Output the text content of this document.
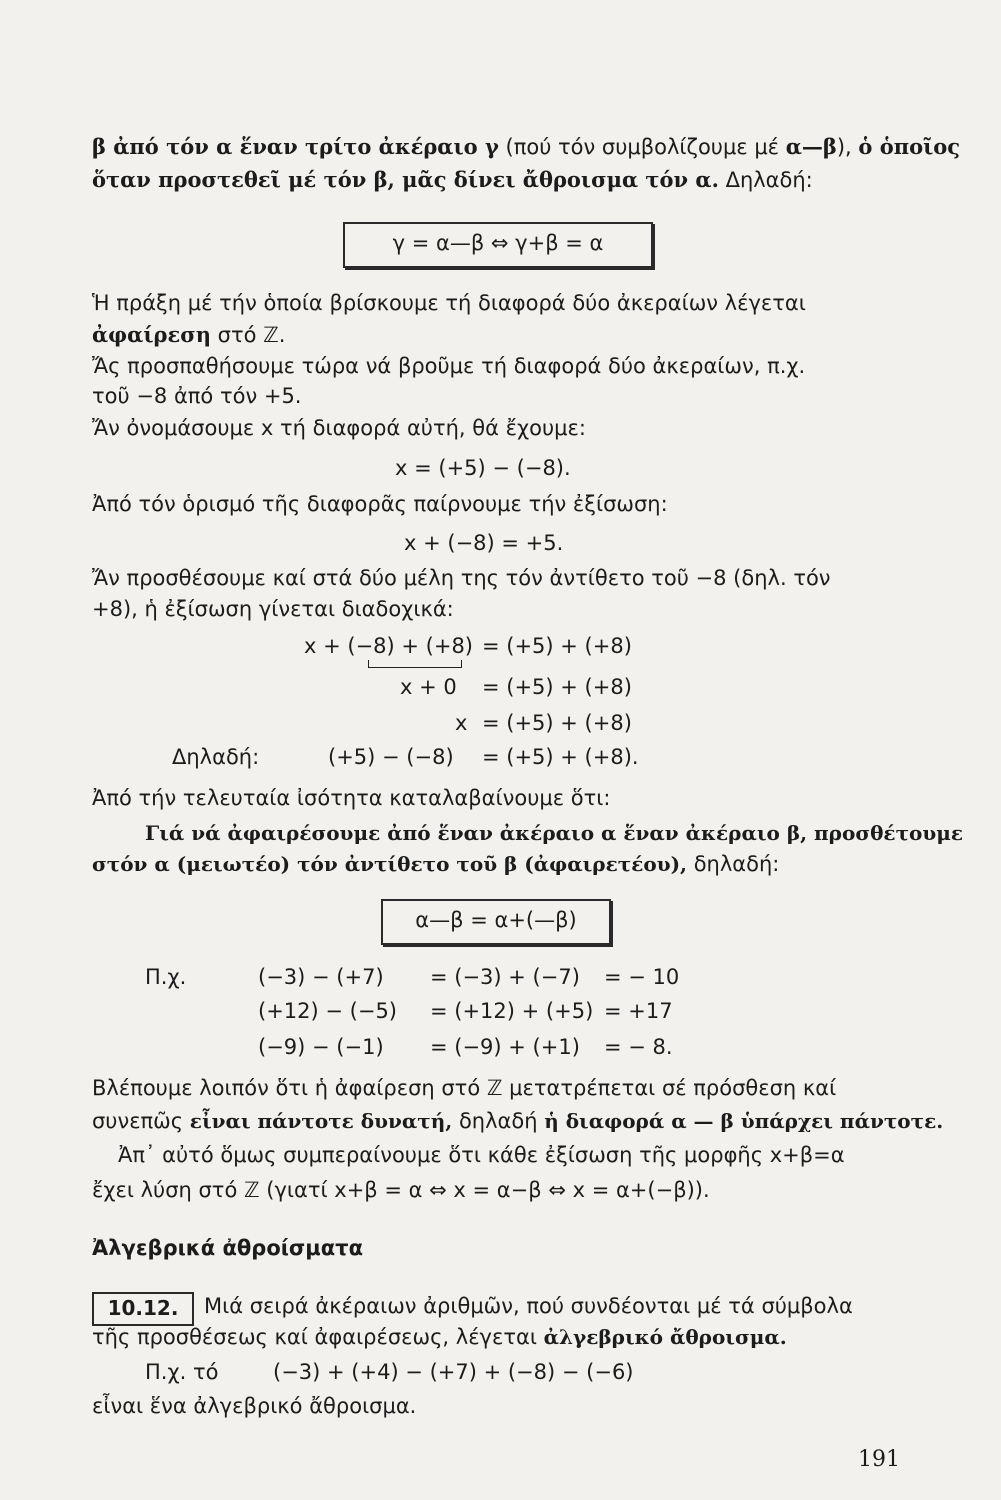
β ἀπό τόν α ἕναν τρίτο ἀκέραιο γ (πού τόν συμβολίζουμε μέ α—β), ὁ ὁποῖος
ὅταν προστεθεῖ μέ τόν β, μᾶς δίνει ἄθροισμα τόν α. Δηλαδή:
γ = α—β ⇔ γ+β = α
Ἡ πράξη μέ τήν ὁποία βρίσκουμε τή διαφορά δύο ἀκεραίων λέγεται
ἀφαίρεση στό ℤ.
Ἄς προσπαθήσουμε τώρα νά βροῦμε τή διαφορά δύο ἀκεραίων, π.χ.
τοῦ −8 ἀπό τόν +5.
Ἄν ὀνομάσουμε x τή διαφορά αὐτή, θά ἔχουμε:
x = (+5) − (−8).
Ἀπό τόν ὁρισμό τῆς διαφορᾶς παίρνουμε τήν ἐξίσωση:
x + (−8) = +5.
Ἄν προσθέσουμε καί στά δύο μέλη της τόν ἀντίθετο τοῦ −8 (δηλ. τόν
+8), ἡ ἐξίσωση γίνεται διαδοχικά:
x + (−8) + (+8) = (+5) + (+8)
x + 0 = (+5) + (+8)
x = (+5) + (+8)
Δηλαδή:	(+5) − (−8) = (+5) + (+8).
Ἀπό τήν τελευταία ἰσότητα καταλαβαίνουμε ὅτι:
Γιά νά ἀφαιρέσουμε ἀπό ἕναν ἀκέραιο α ἕναν ἀκέραιο β, προσθέτουμε
στόν α (μειωτέο) τόν ἀντίθετο τοῦ β (ἀφαιρετέου), δηλαδή:
α—β = α+(—β)
Π.χ.	(−3) − (+7) = (−3) + (−7) = − 10
(+12) − (−5) = (+12) + (+5) = +17
(−9) − (−1) = (−9) + (+1) = − 8.
Βλέπουμε λοιπόν ὅτι ἡ ἀφαίρεση στό ℤ μετατρέπεται σέ πρόσθεση καί
συνεπῶς εἶναι πάντοτε δυνατή, δηλαδή ἡ διαφορά α — β ὑπάρχει πάντοτε.
Ἀπ᾽ αὐτό ὅμως συμπεραίνουμε ὅτι κάθε ἐξίσωση τῆς μορφῆς x+β=α
ἔχει λύση στό ℤ (γιατί x+β = α ⇔ x = α−β ⇔ x = α+(−β)).
Ἀλγεβρικά ἀθροίσματα
10.12.	Μιά σειρά ἀκέραιων ἀριθμῶν, πού συνδέονται μέ τά σύμβολα
τῆς προσθέσεως καί ἀφαιρέσεως, λέγεται ἀλγεβρικό ἄθροισμα.
Π.χ. τό	(−3) + (+4) − (+7) + (−8) − (−6)
εἶναι ἕνα ἀλγεβρικό ἄθροισμα.
191
